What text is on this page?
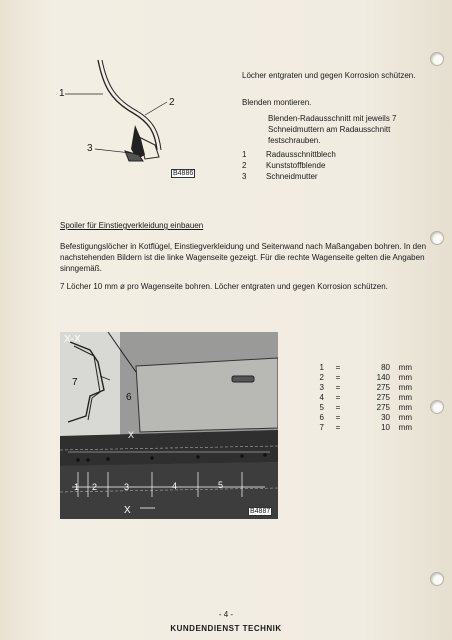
1
2
3
B4886
Löcher entgraten und gegen Korrosion schützen.
Blenden montieren.
Blenden-Radausschnitt mit jeweils 7 Schneidmuttern am Radausschnitt festschrauben.
1	Radausschnittblech
2	Kunststoffblende
3	Schneidmutter
Spoiler für Einstiegverkleidung einbauen
Befestigungslöcher in Kotflügel, Einstiegverkleidung und Seitenwand nach Maßangaben bohren. In den nachstehenden Bildern ist die linke Wagenseite gezeigt. Für die rechte Wagenseite gelten die Angaben sinngemäß.
7 Löcher 10 mm ø pro Wagenseite bohren. Löcher entgraten und gegen Korrosion schützen.
X-X
X
X
1 2	3	4	5
6
7
B4887
1	=	80	mm
2	=	140	mm
3	=	275	mm
4	=	275	mm
5	=	275	mm
6	=	30	mm
7	=	10	mm
- 4 -
KUNDENDIENST TECHNIK
